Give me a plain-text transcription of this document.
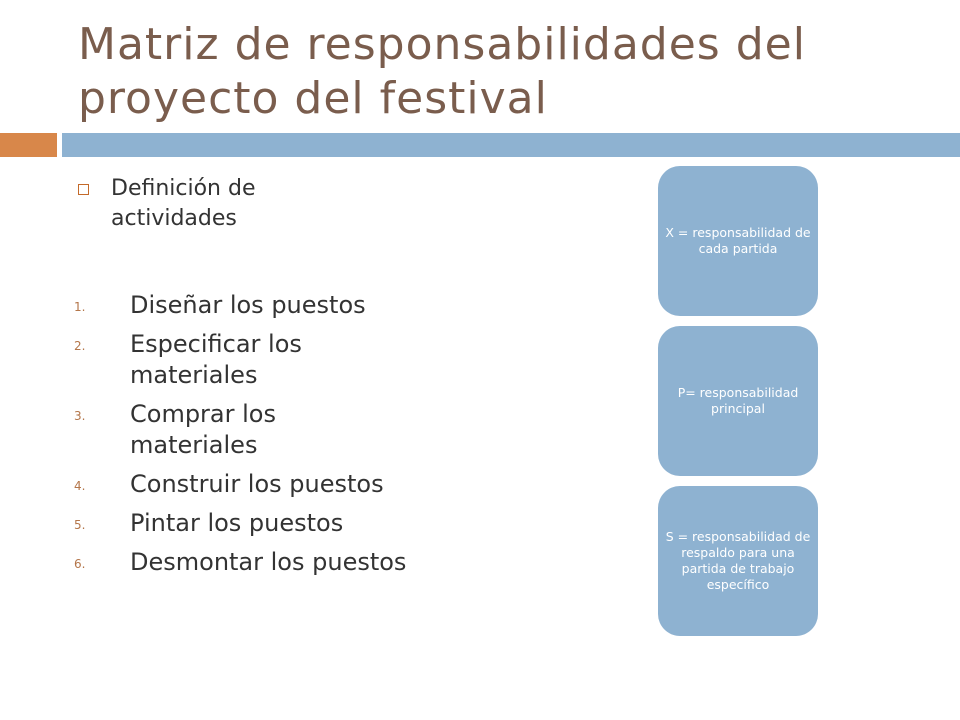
Matriz de responsabilidades del proyecto del festival
Definición de actividades
1. Diseñar los puestos
2. Especificar los materiales
3. Comprar los materiales
4. Construir los puestos
5. Pintar los puestos
6. Desmontar los puestos
X = responsabilidad de cada partida
P= responsabilidad principal
S = responsabilidad de respaldo para una partida de trabajo específico
